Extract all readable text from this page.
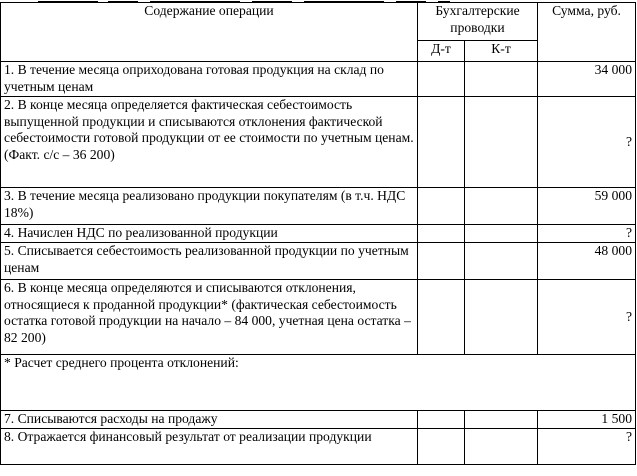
Содержание операции	Бухгалтерские проводки		Сумма, руб.
	Д-т	К-т	
1. В течение месяца оприходована готовая продукция на склад по учетным ценам			34 000
2. В конце месяца определяется фактическая себестоимость выпущенной продукции и списываются отклонения фактической себестоимости готовой продукции от ее стоимости по учетным ценам. (Факт. с/с – 36 200)			?
3. В течение месяца реализовано продукции покупателям (в т.ч. НДС 18%)			59 000
4. Начислен НДС по реализованной продукции			?
5. Списывается себестоимость реализованной продукции по учетным ценам			48 000
6. В конце месяца определяются и списываются отклонения, относящиеся к проданной продукции* (фактическая себестоимость остатка готовой продукции на начало – 84 000, учетная цена остатка – 82 200)			?
* Расчет среднего процента отклонений:			
7. Списываются расходы на продажу			1 500
8. Отражается финансовый результат от реализации продукции			?
